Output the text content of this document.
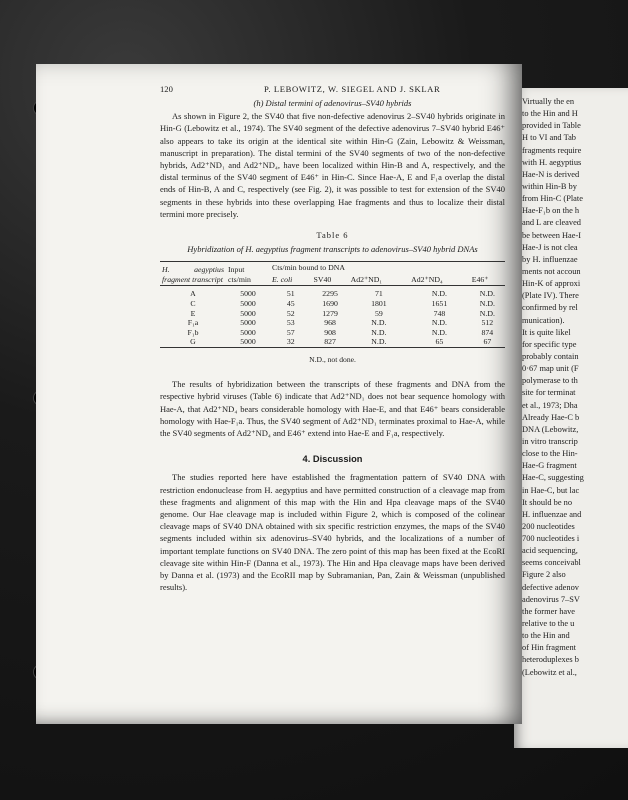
Virtually the en
to the Hin and H
provided in Table
H to VI and Tab
fragments require
with H. aegyptius
Hae-N is derived
within Hin-B by
from Hin-C (Plate
Hae-F₁b on the h
and L are cleaved
be between Hae-I
Hae-J is not clea
by H. influenzae
ments not accoun
Hin-K of approxi
(Plate IV). There
confirmed by rel
munication).
It is quite likel
for specific type
probably contain
0·67 map unit (F
polymerase to th
site for terminat
et al., 1973; Dha
Already Hae-C b
DNA (Lebowitz,
in vitro transcrip
close to the Hin-
Hae-G fragment
Hae-C, suggesting
in Hae-C, but lac
It should be no
H. influenzae and
200 nucleotides
700 nucleotides i
acid sequencing,
seems conceivabl
Figure 2 also
defective adenov
adenovirus 7–SV
the former have
relative to the u
to the Hin and
of Hin fragment
heteroduplexes b
(Lebowitz et al.,
120	P. LEBOWITZ, W. SIEGEL AND J. SKLAR
(h) Distal termini of adenovirus–SV40 hybrids

As shown in Figure 2, the SV40 that five non-defective adenovirus 2–SV40 hybrids originate in Hin-G (Lebowitz et al., 1974). The SV40 segment of the defective adenovirus 7–SV40 hybrid E46⁺ also appears to take its origin at the identical site within Hin-G (Zain, Lebowitz & Weissman, manuscript in preparation). The distal termini of the SV40 segments of two of the non-defective hybrids, Ad2⁺ND₁ and Ad2⁺ND₄, have been localized within Hin-B and A, respectively, and the distal terminus of the SV40 segment of E46⁺ in Hin-C. Since Hae-A, E and F₁a overlap the distal ends of Hin-B, A and C, respectively (see Fig. 2), it was possible to test for extension of the SV40 segments in these hybrids into these overlapping Hae fragments and thus to localize their distal termini more precisely.

Table 6
Hybridization of H. aegyptius fragment transcripts to adenovirus–SV40 hybrid DNAs
H. aegyptius fragment transcript	Input cts/min	Cts/min bound to DNA				
		E. coli	SV40	Ad2⁺ND₁	Ad2⁺ND₄	E46⁺
A	5000	51	2295	71	N.D.	N.D.
C	5000	45	1690	1801	1651	N.D.
E	5000	52	1279	59	748	N.D.
F₁a	5000	53	968	N.D.	N.D.	512
F₁b	5000	57	908	N.D.	N.D.	874
G	5000	32	827	N.D.	65	67
N.D., not done.

The results of hybridization between the transcripts of these fragments and DNA from the respective hybrid viruses (Table 6) indicate that Ad2⁺ND₁ does not bear sequence homology with Hae-A, that Ad2⁺ND₄ bears considerable homology with Hae-E, and that E46⁺ bears considerable homology with Hae-F₁a. Thus, the SV40 segment of Ad2⁺ND₁ terminates proximal to Hae-A, while the SV40 segments of Ad2⁺ND₄ and E46⁺ extend into Hae-E and F₁a, respectively.

4. Discussion

The studies reported here have established the fragmentation pattern of SV40 DNA with restriction endonuclease from H. aegyptius and have permitted construction of a cleavage map from these fragments and alignment of this map with the Hin and Hpa cleavage maps of the SV40 genome. Our Hae cleavage map is included within Figure 2, which is composed of the colinear cleavage maps of SV40 DNA obtained with six specific restriction enzymes, the maps of the SV40 segments included within six adenovirus–SV40 hybrids, and the localizations of a number of important template functions on SV40 DNA. The zero point of this map has been fixed at the EcoRI cleavage site within Hin-F (Danna et al., 1973). The Hin and Hpa cleavage maps have been derived by Danna et al. (1973) and the EcoRII map by Subramanian, Pan, Zain & Weissman (unpublished results).
